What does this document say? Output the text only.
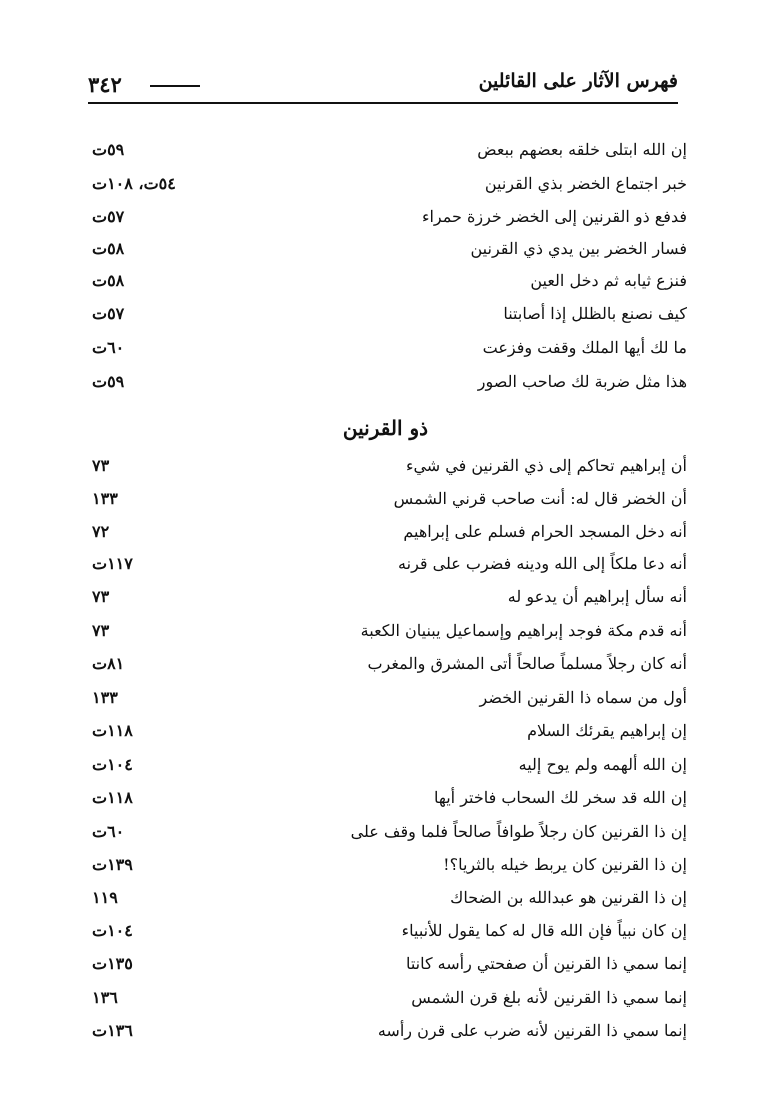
فهرس الآثار على القائلين
٣٤٢
إن الله ابتلى خلقه بعضهم ببعض
٥٩ت
خبر اجتماع الخضر بذي القرنين
٥٤ت، ١٠٨ت
فدفع ذو القرنين إلى الخضر خرزة حمراء
٥٧ت
فسار الخضر بين يدي ذي القرنين
٥٨ت
فنزع ثيابه ثم دخل العين
٥٨ت
كيف نصنع بالظلل إذا أصابتنا
٥٧ت
ما لك أيها الملك وقفت وفزعت
٦٠ت
هذا مثل ضربة لك صاحب الصور
٥٩ت
ذو القرنين
أن إبراهيم تحاكم إلى ذي القرنين في شيء
٧٣
أن الخضر قال له: أنت صاحب قرني الشمس
١٣٣
أنه دخل المسجد الحرام فسلم على إبراهيم
٧٢
أنه دعا ملكاً إلى الله ودينه فضرب على قرنه
١١٧ت
أنه سأل إبراهيم أن يدعو له
٧٣
أنه قدم مكة فوجد إبراهيم وإسماعيل يبنيان الكعبة
٧٣
أنه كان رجلاً مسلماً صالحاً أتى المشرق والمغرب
٨١ت
أول من سماه ذا القرنين الخضر
١٣٣
إن إبراهيم يقرئك السلام
١١٨ت
إن الله ألهمه ولم يوح إليه
١٠٤ت
إن الله قد سخر لك السحاب فاختر أيها
١١٨ت
إن ذا القرنين كان رجلاً طوافاً صالحاً فلما وقف على
٦٠ت
إن ذا القرنين كان يربط خيله بالثريا؟!
١٣٩ت
إن ذا القرنين هو عبدالله بن الضحاك
١١٩
إن كان نبياً فإن الله قال له كما يقول للأنبياء
١٠٤ت
إنما سمي ذا القرنين أن صفحتي رأسه كانتا
١٣٥ت
إنما سمي ذا القرنين لأنه بلغ قرن الشمس
١٣٦
إنما سمي ذا القرنين لأنه ضرب على قرن رأسه
١٣٦ت
